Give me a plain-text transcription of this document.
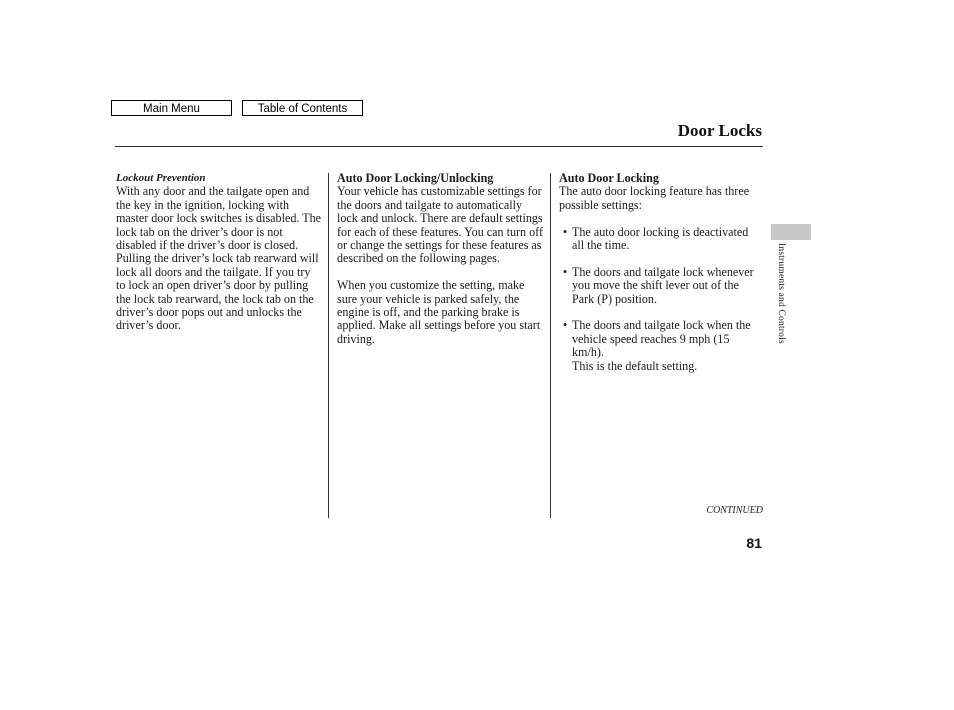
Main Menu	Table of Contents
Door Locks

Lockout Prevention

With any door and the tailgate open and the key in the ignition, locking with master door lock switches is disabled. The lock tab on the driver’s door is not disabled if the driver’s door is closed. Pulling the driver’s lock tab rearward will lock all doors and the tailgate. If you try to lock an open driver’s door by pulling the lock tab rearward, the lock tab on the driver’s door pops out and unlocks the driver’s door.

Auto Door Locking/Unlocking

Your vehicle has customizable settings for the doors and tailgate to automatically lock and unlock. There are default settings for each of these features. You can turn off or change the settings for these features as described on the following pages.

When you customize the setting, make sure your vehicle is parked safely, the engine is off, and the parking brake is applied. Make all settings before you start driving.

Auto Door Locking

The auto door locking feature has three possible settings:

• The auto door locking is deactivated all the time.
• The doors and tailgate lock whenever you move the shift lever out of the Park (P) position.
• The doors and tailgate lock when the vehicle speed reaches 9 mph (15 km/h).
This is the default setting.
Instruments and Controls
CONTINUED
81
